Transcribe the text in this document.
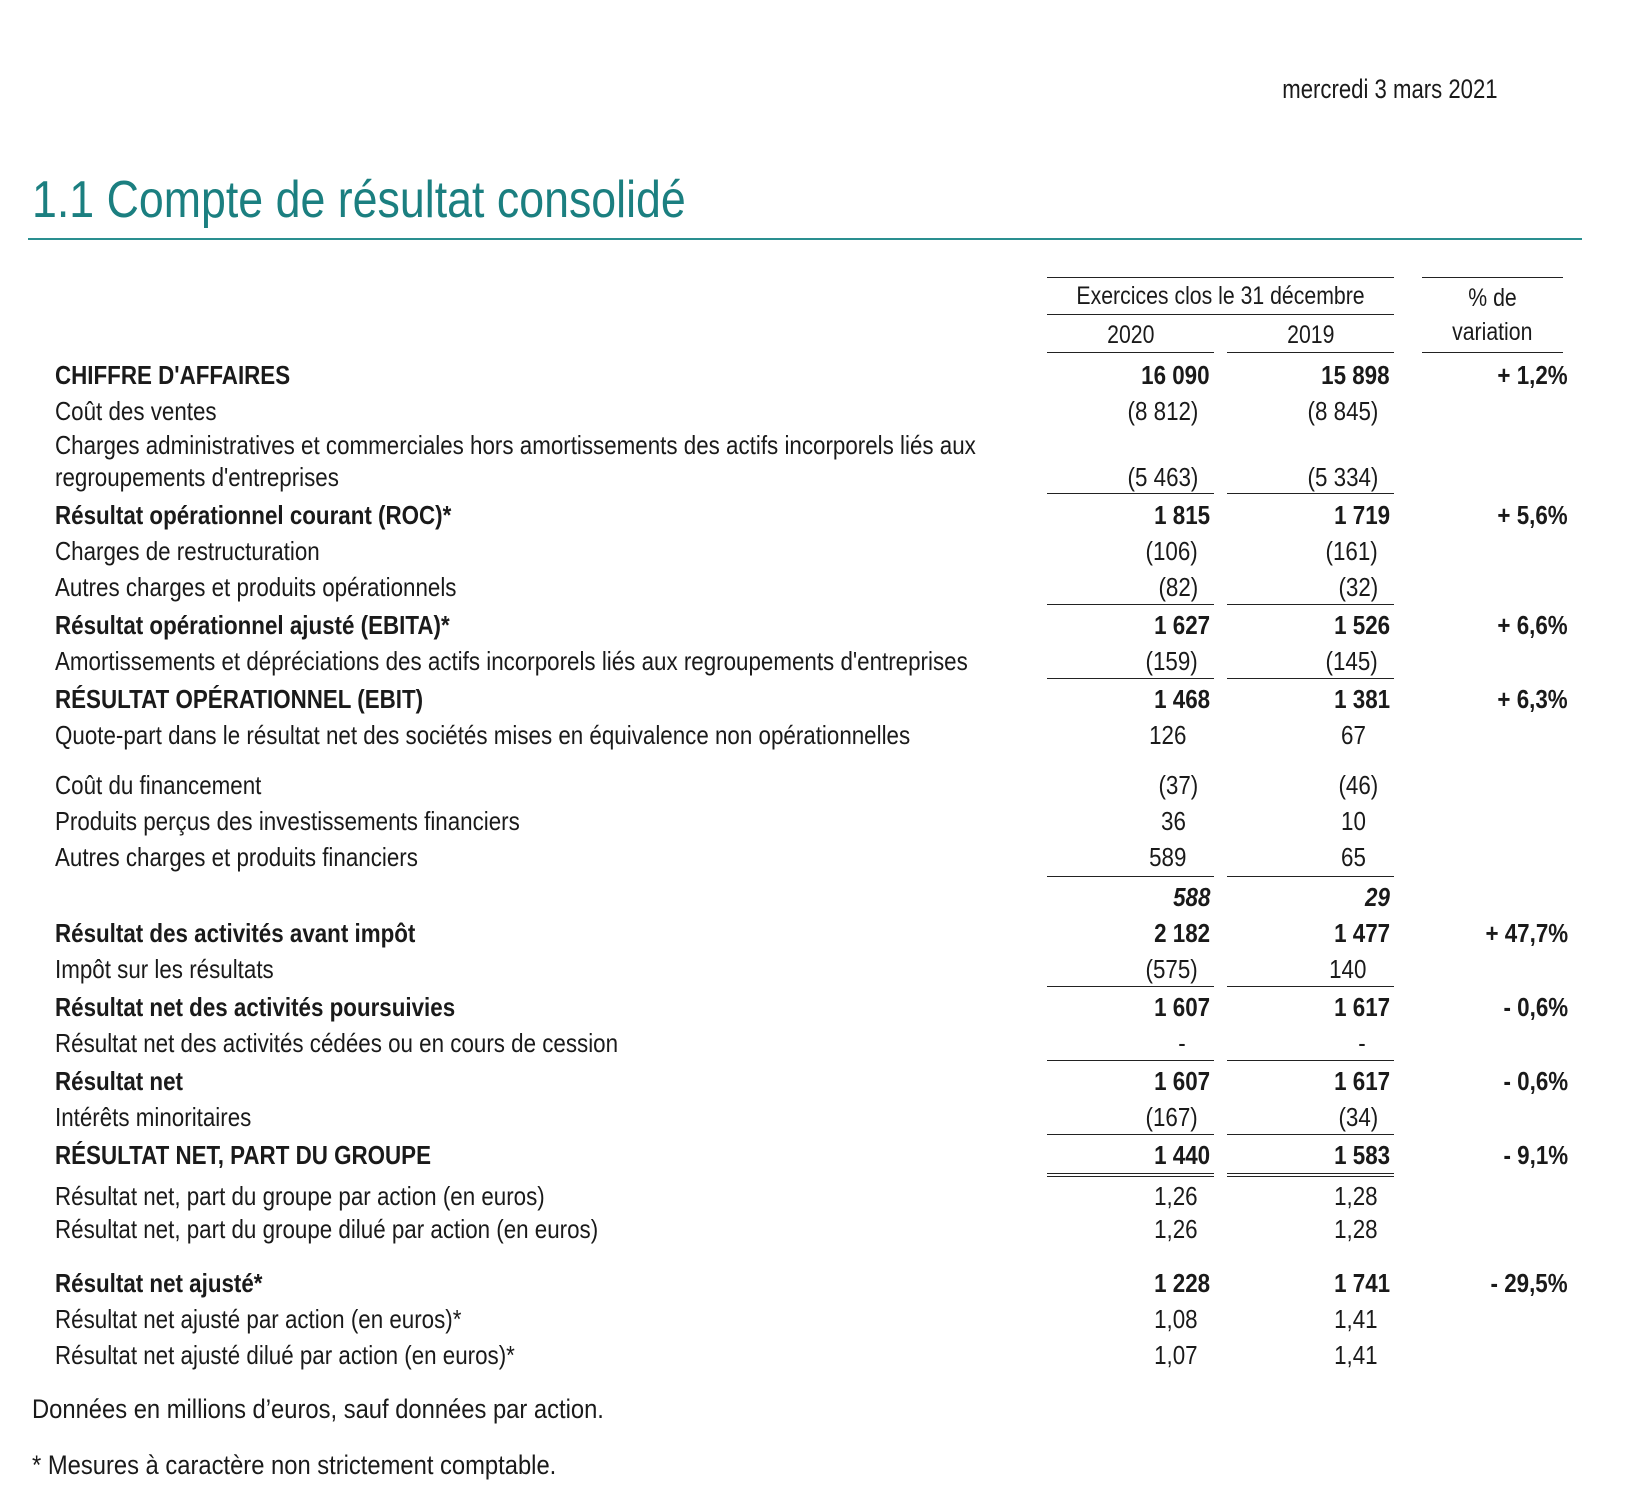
mercredi 3 mars 2021
1.1 Compte de résultat consolidé
Exercices clos le 31 décembre
2020	2019
% de
variation
CHIFFRE D'AFFAIRES	16 090	15 898	+ 1,2%
Coût des ventes	(8 812)	(8 845)
Charges administratives et commerciales hors amortissements des actifs incorporels liés aux
regroupements d'entreprises	(5 463)	(5 334)
Résultat opérationnel courant (ROC)*	1 815	1 719	+ 5,6%
Charges de restructuration	(106)	(161)
Autres charges et produits opérationnels	(82)	(32)
Résultat opérationnel ajusté (EBITA)*	1 627	1 526	+ 6,6%
Amortissements et dépréciations des actifs incorporels liés aux regroupements d'entreprises	(159)	(145)
RÉSULTAT OPÉRATIONNEL (EBIT)	1 468	1 381	+ 6,3%
Quote-part dans le résultat net des sociétés mises en équivalence non opérationnelles	126	67
Coût du financement	(37)	(46)
Produits perçus des investissements financiers	36	10
Autres charges et produits financiers	589	65
588	29
Résultat des activités avant impôt	2 182	1 477	+ 47,7%
Impôt sur les résultats	(575)	140
Résultat net des activités poursuivies	1 607	1 617	- 0,6%
Résultat net des activités cédées ou en cours de cession	-	-
Résultat net	1 607	1 617	- 0,6%
Intérêts minoritaires	(167)	(34)
RÉSULTAT NET, PART DU GROUPE	1 440	1 583	- 9,1%
Résultat net, part du groupe par action (en euros)	1,26	1,28
Résultat net, part du groupe dilué par action (en euros)	1,26	1,28
Résultat net ajusté*	1 228	1 741	- 29,5%
Résultat net ajusté par action (en euros)*	1,08	1,41
Résultat net ajusté dilué par action (en euros)*	1,07	1,41
Données en millions d’euros, sauf données par action.
* Mesures à caractère non strictement comptable.
